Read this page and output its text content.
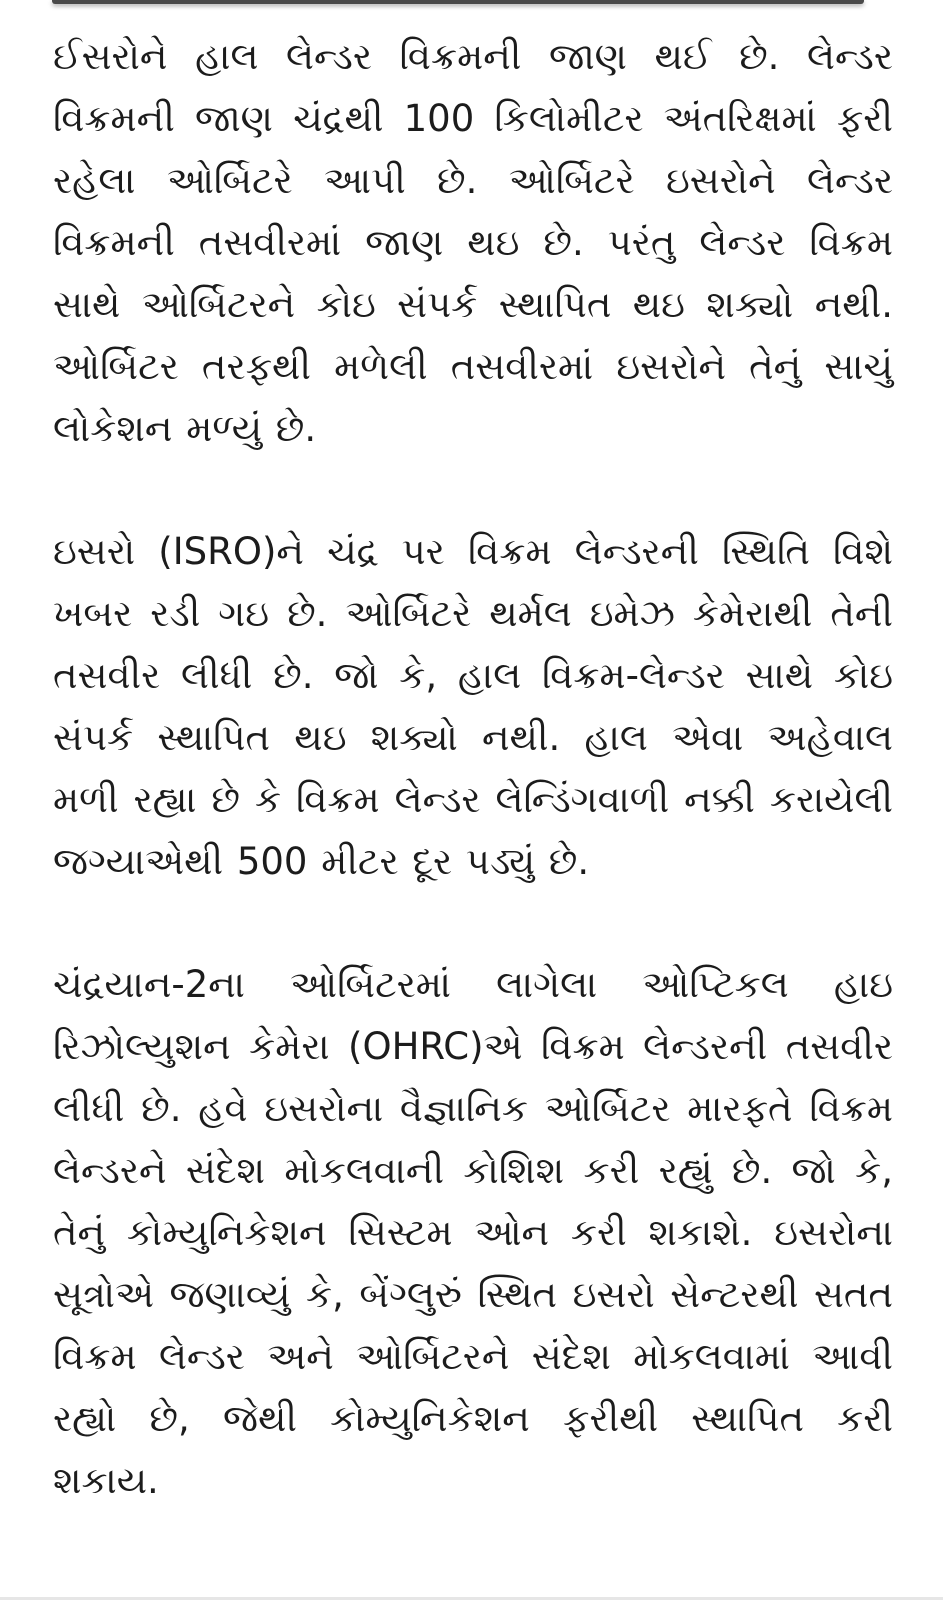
ઈસરોને હાલ લેન્ડર વિક્રમની જાણ થઈ છે. લેન્ડર વિક્રમની જાણ ચંદ્રથી 100 કિલોમીટર અંતરિક્ષમાં ફરી રહેલા ઓર્બિટરે આપી છે. ઓર્બિટરે ઇસરોને લેન્ડર વિક્રમની તસવીરમાં જાણ થઇ છે. પરંતુ લેન્ડર વિક્રમ સાથે ઓર્બિટરને કોઇ સંપર્ક સ્થાપિત થઇ શક્યો નથી. ઓર્બિટર તરફથી મળેલી તસવીરમાં ઇસરોને તેનું સાચું લોકેશન મળ્યું છે.

ઇસરો (ISRO)ને ચંદ્ર પર વિક્રમ લેન્ડરની સ્થિતિ વિશે ખબર રડી ગઇ છે. ઓર્બિટરે થર્મલ ઇમેઝ કેમેરાથી તેની તસવીર લીધી છે. જો કે, હાલ વિક્રમ-લેન્ડર સાથે કોઇ સંપર્ક સ્થાપિત થઇ શક્યો નથી. હાલ એવા અહેવાલ મળી રહ્યા છે કે વિક્રમ લેન્ડર લેન્ડિંગવાળી નક્કી કરાયેલી જગ્યાએથી 500 મીટર દૂર પડ્યું છે.

ચંદ્રયાન-2ના ઓર્બિટરમાં લાગેલા ઓપ્ટિકલ હાઇ રિઝોલ્યુશન કેમેરા (OHRC)એ વિક્રમ લેન્ડરની તસવીર લીધી છે. હવે ઇસરોના વૈજ્ઞાનિક ઓર્બિટર મારફતે વિક્રમ લેન્ડરને સંદેશ મોકલવાની કોશિશ કરી રહ્યું છે. જો કે, તેનું કોમ્યુનિકેશન સિસ્ટમ ઓન કરી શકાશે. ઇસરોના સૂત્રોએ જણાવ્યું કે, બેંગ્લુરું સ્થિત ઇસરો સેન્ટરથી સતત વિક્રમ લેન્ડર અને ઓર્બિટરને સંદેશ મોકલવામાં આવી રહ્યો છે, જેથી કોમ્યુનિકેશન ફરીથી સ્થાપિત કરી શકાય.
